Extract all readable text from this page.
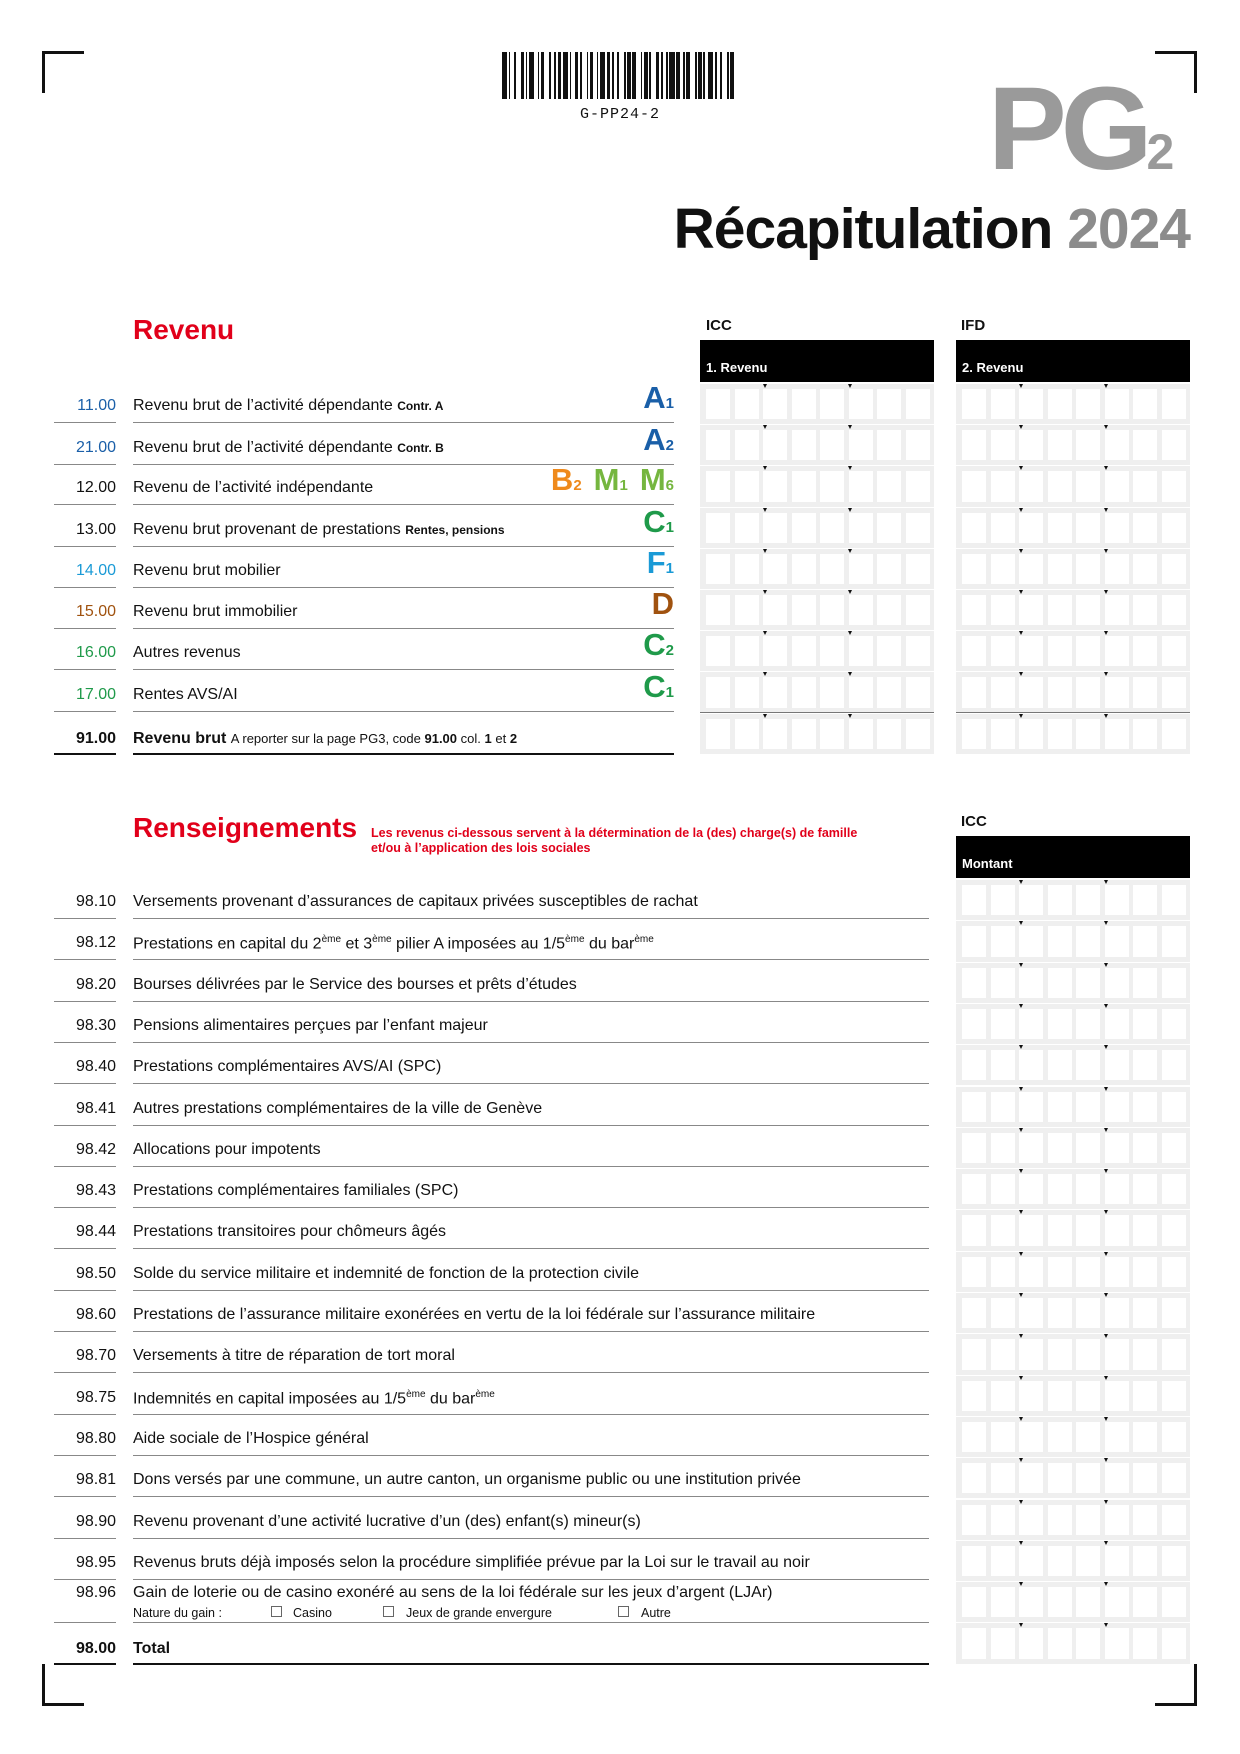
G-PP24-2	PG2
Récapitulation 2024
Revenu	ICC	IFD
1. Revenu	2. Revenu
11.00 Revenu brut de l’activité dépendante Contr. A	A1
21.00 Revenu brut de l’activité dépendante Contr. B	A2
12.00 Revenu de l’activité indépendante	B2 M1 M6
13.00 Revenu brut provenant de prestations Rentes, pensions	C1
14.00 Revenu brut mobilier	F1
15.00 Revenu brut immobilier	D
16.00 Autres revenus	C2
17.00 Rentes AVS/AI	C1
91.00 Revenu brut A reporter sur la page PG3, code 91.00 col. 1 et 2
Renseignements Les revenus ci-dessous servent à la détermination de la (des) charge(s) de famille
et/ou à l’application des lois sociales
ICC
Montant
98.10 Versements provenant d’assurances de capitaux privées susceptibles de rachat
98.12 Prestations en capital du 2ème et 3ème pilier A imposées au 1/5ème du bar$^{ème}$
98.20 Bourses délivrées par le Service des bourses et prêts d’études
98.30 Pensions alimentaires perçues par l’enfant majeur
98.40 Prestations complémentaires AVS/AI (SPC)
98.41 Autres prestations complémentaires de la ville de Genève
98.42 Allocations pour impotents
98.43 Prestations complémentaires familiales (SPC)
98.44 Prestations transitoires pour chômeurs âgés
98.50 Solde du service militaire et indemnité de fonction de la protection civile
98.60 Prestations de l’assurance militaire exonérées en vertu de la loi fédérale sur l’assurance militaire
98.70 Versements à titre de réparation de tort moral
98.75 Indemnités en capital imposées au 1/5ème du bar$^{ème}$
98.80 Aide sociale de l’Hospice général
98.81 Dons versés par une commune, un autre canton, un organisme public ou une institution privée
98.90 Revenu provenant d’une activité lucrative d’un (des) enfant(s) mineur(s)
98.95 Revenus bruts déjà imposés selon la procédure simplifiée prévue par la Loi sur le travail au noir
98.96 Gain de loterie ou de casino exonéré au sens de la loi fédérale sur les jeux d’argent (LJAr)
Nature du gain :	Casino	Jeux de grande envergure	Autre
98.00 Total
